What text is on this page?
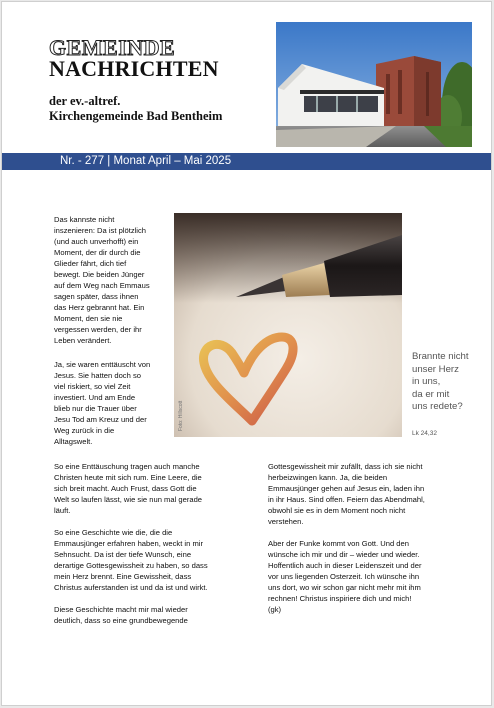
GEMEINDE
NACHRICHTEN
der ev.-altref.
Kirchengemeinde Bad Bentheim
Nr. - 277 | Monat April – Mai 2025
Das kannste nicht
inszenieren: Da ist plötzlich
(und auch unverhofft) ein
Moment, der dir durch die
Glieder fährt, dich tief
bewegt. Die beiden Jünger
auf dem Weg nach Emmaus
sagen später, dass ihnen
das Herz gebrannt hat. Ein
Moment, den sie nie
vergessen werden, der ihr
Leben verändert.
Ja, sie waren enttäuscht von
Jesus. Sie hatten doch so
viel riskiert, so viel Zeit
investiert. Und am Ende
blieb nur die Trauer über
Jesu Tod am Kreuz und der
Weg zurück in die
Alltagswelt.
Foto: Hillscott
Brannte nicht
unser Herz
in uns,
da er mit
uns redete?
Lk 24,32
So eine Enttäuschung tragen auch manche
Christen heute mit sich rum. Eine Leere, die
sich breit macht. Auch Frust, dass Gott die
Welt so laufen lässt, wie sie nun mal gerade
läuft.
So eine Geschichte wie die, die die
Emmausjünger erfahren haben, weckt in mir
Sehnsucht. Da ist der tiefe Wunsch, eine
derartige Gottesgewissheit zu haben, so dass
mein Herz brennt. Eine Gewissheit, dass
Christus auferstanden ist und da ist und wirkt.
Diese Geschichte macht mir mal wieder
deutlich, dass so eine grundbewegende
Gottesgewissheit mir zufällt, dass ich sie nicht
herbeizwingen kann. Ja, die beiden
Emmausjünger gehen auf Jesus ein, laden ihn
in ihr Haus. Sind offen. Feiern das Abendmahl,
obwohl sie es in dem Moment noch nicht
verstehen.
Aber der Funke kommt von Gott. Und den
wünsche ich mir und dir – wieder und wieder.
Hoffentlich auch in dieser Leidenszeit und der
vor uns liegenden Osterzeit. Ich wünsche ihn
uns dort, wo wir schon gar nicht mehr mit ihm
rechnen! Christus inspiriere dich und mich!
(gk)
